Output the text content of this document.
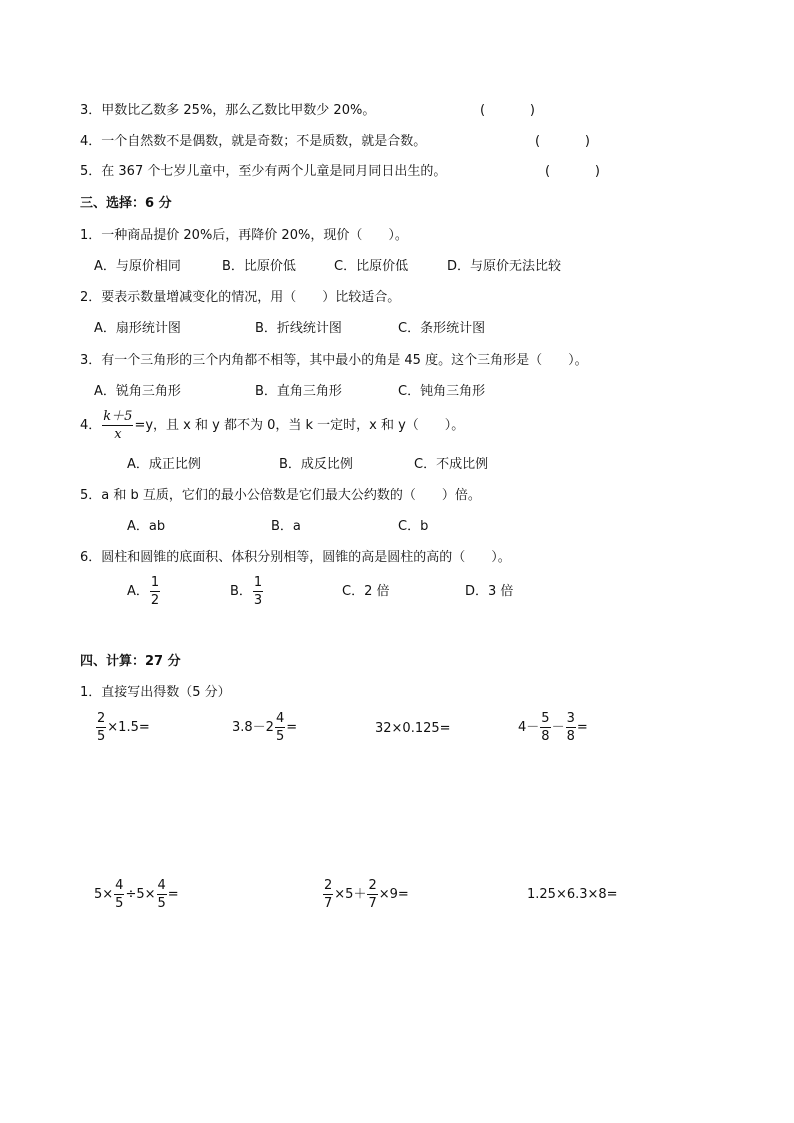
3．甲数比乙数多 25%，那么乙数比甲数少 20%。	(	)
4．一个自然数不是偶数，就是奇数；不是质数，就是合数。	(	)
5．在 367 个七岁儿童中，至少有两个儿童是同月同日出生的。	(	)
三、选择：6 分
1．一种商品提价 20%后，再降价 20%，现价（　　）。
A．与原价相同	B．比原价低	C．比原价低	D．与原价无法比较
2．要表示数量增减变化的情况，用（　　）比较适合。
A．扇形统计图	B．折线统计图	C．条形统计图
3．有一个三角形的三个内角都不相等，其中最小的角是 45 度。这个三角形是（　　）。
A．锐角三角形	B．直角三角形	C．钝角三角形
4． $\frac{k+5}{x} =y$，且 x 和 y 都不为 0，当 k 一定时，x 和 y（　　）。
A．成正比例	B．成反比例	C．不成比例
5．a 和 b 互质，它们的最小公倍数是它们最大公约数的（　　）倍。
A．ab	B．a	C．b
6．圆柱和圆锥的底面积、体积分别相等，圆锥的高是圆柱的高的（　　）。
A． $\frac{1}{2}$	B． $\frac{1}{3}$	C．2 倍	D．3 倍
四、计算：27 分
1．直接写出得数（5 分）
$\frac{2}{5} \times 1.5=$	$3.8-2 \frac{4}{5}$ =	32×0.125=	$4- \frac{5}{8} - \frac{3}{8}$ =
$5\times \frac{4}{5} \div 5\times \frac{4}{5}$ =	$\frac{2}{7} \times 5+ \frac{2}{7} \times 9=$	1.25×6.3×8=
